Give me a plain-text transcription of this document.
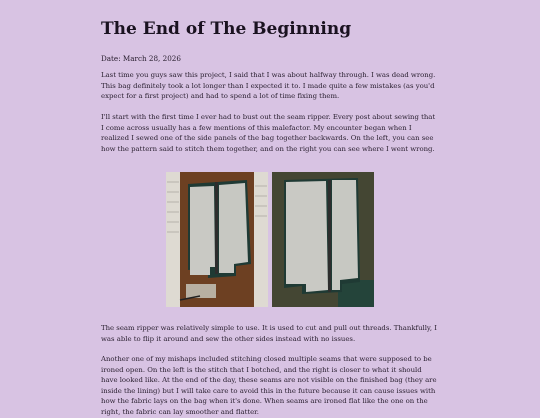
The End of The Beginning
Date: March 28, 2026

Last time you guys saw this project, I said that I was about halfway through. I was dead wrong. This bag definitely took a lot longer than I expected it to. I made quite a few mistakes (as you'd expect for a first project) and had to spend a lot of time fixing them.

I'll start with the first time I ever had to bust out the seam ripper. Every post about sewing that I come across usually has a few mentions of this malefactor. My encounter began when I realized I sewed one of the side panels of the bag together backwards. On the left, you can see how the pattern said to stitch them together, and on the right you can see where I went wrong.

The seam ripper was relatively simple to use. It is used to cut and pull out threads. Thankfully, I was able to flip it around and sew the other sides instead with no issues.

Another one of my mishaps included stitching closed multiple seams that were supposed to be ironed open. On the left is the stitch that I botched, and the right is closer to what it should have looked like. At the end of the day, these seams are not visible on the finished bag (they are inside the lining) but I will take care to avoid this in the future because it can cause issues with how the fabric lays on the bag when it's done. When seams are ironed flat like the one on the right, the fabric can lay smoother and flatter.
